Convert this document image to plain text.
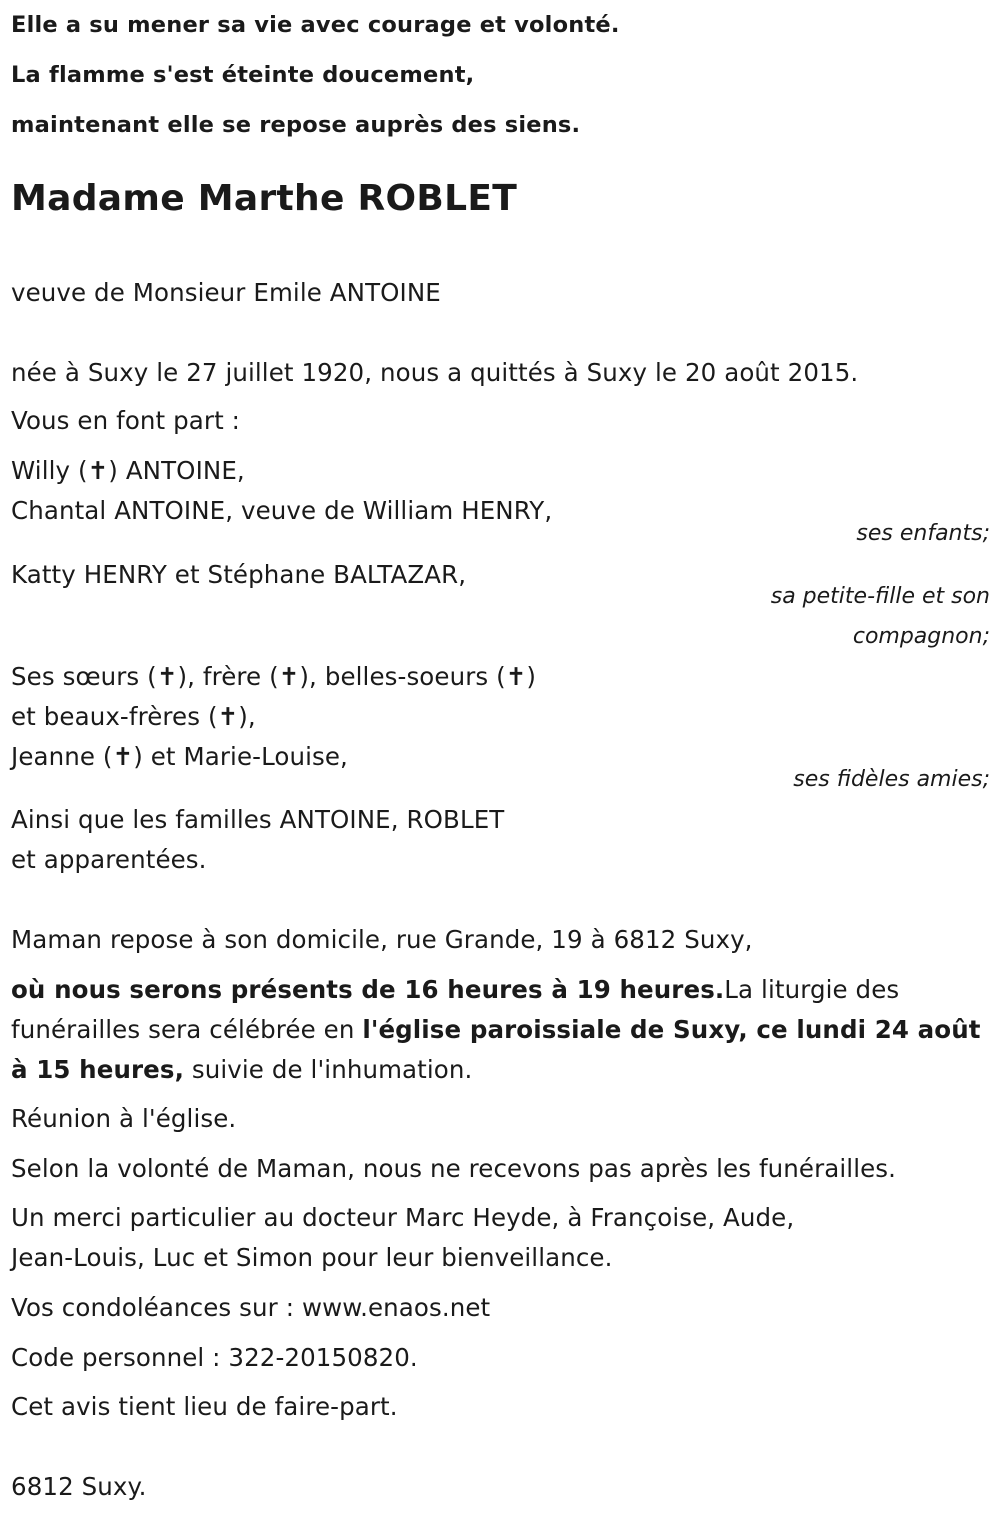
Elle a su mener sa vie avec courage et volonté.
La flamme s'est éteinte doucement,
maintenant elle se repose auprès des siens.
Madame Marthe ROBLET
veuve de Monsieur Emile ANTOINE
née à Suxy le 27 juillet 1920, nous a quittés à Suxy le 20 août 2015.
Vous en font part :
Willy (✝) ANTOINE,
Chantal ANTOINE, veuve de William HENRY,
ses enfants;
Katty HENRY et Stéphane BALTAZAR,
sa petite-fille et son
compagnon;
Ses sœurs (✝), frère (✝), belles-soeurs (✝)
et beaux-frères (✝),
Jeanne (✝) et Marie-Louise,
ses fidèles amies;
Ainsi que les familles ANTOINE, ROBLET
et apparentées.
Maman repose à son domicile, rue Grande, 19 à 6812 Suxy,
où nous serons présents de 16 heures à 19 heures.La liturgie des
funérailles sera célébrée en l'église paroissiale de Suxy, ce lundi 24 août
à 15 heures, suivie de l'inhumation.
Réunion à l'église.
Selon la volonté de Maman, nous ne recevons pas après les funérailles.
Un merci particulier au docteur Marc Heyde, à Françoise, Aude,
Jean-Louis, Luc et Simon pour leur bienveillance.
Vos condoléances sur : www.enaos.net
Code personnel : 322-20150820.
Cet avis tient lieu de faire-part.
6812 Suxy.
